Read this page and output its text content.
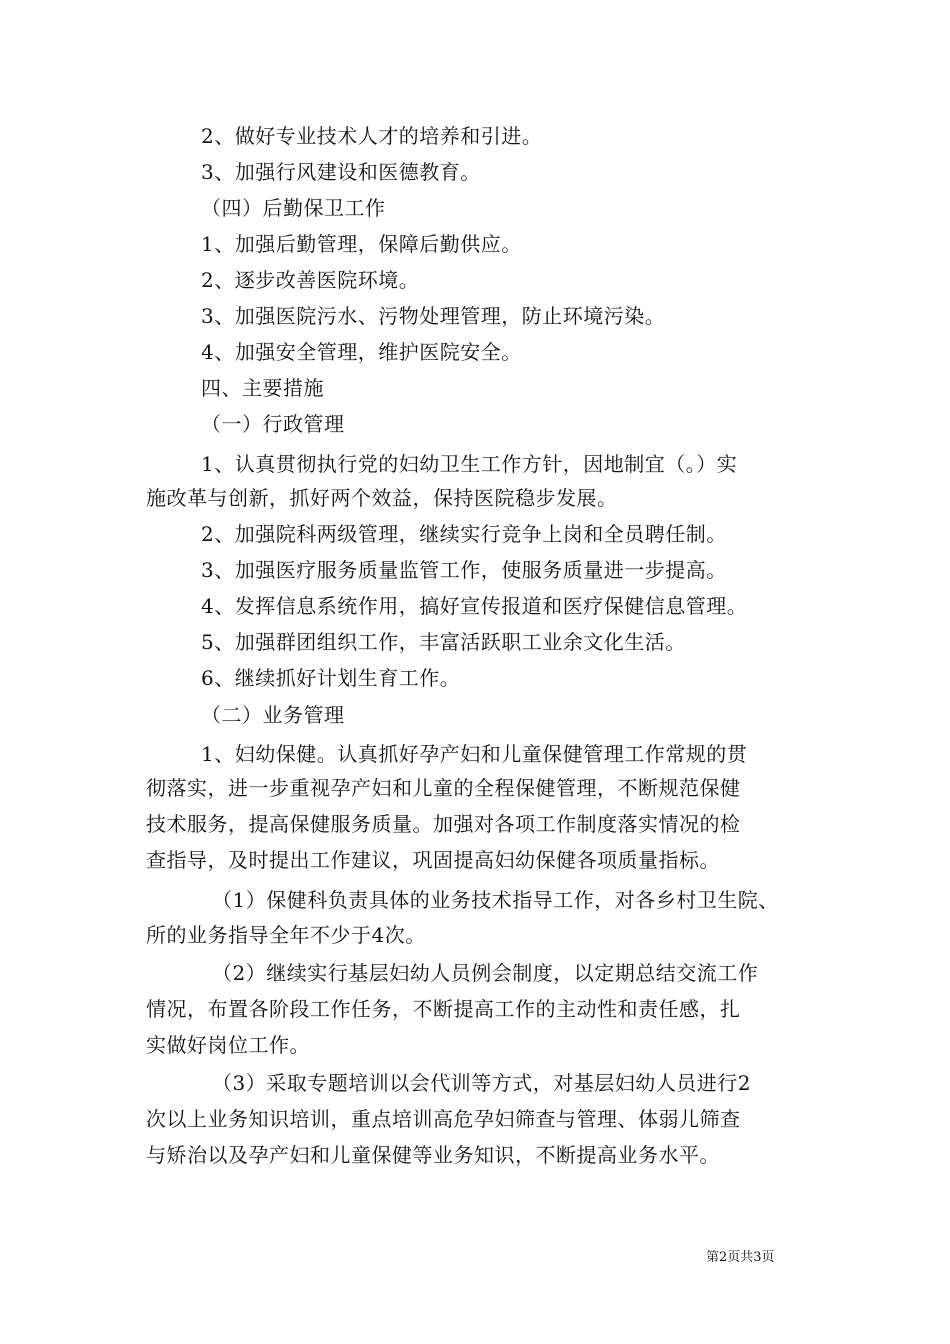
2、做好专业技术人才的培养和引进。
3、加强行风建设和医德教育。
（四）后勤保卫工作
1、加强后勤管理，保障后勤供应。
2、逐步改善医院环境。
3、加强医院污水、污物处理管理，防止环境污染。
4、加强安全管理，维护医院安全。
四、主要措施
（一）行政管理
1、认真贯彻执行党的妇幼卫生工作方针，因地制宜（。）实
施改革与创新，抓好两个效益，保持医院稳步发展。
2、加强院科两级管理，继续实行竞争上岗和全员聘任制。
3、加强医疗服务质量监管工作，使服务质量进一步提高。
4、发挥信息系统作用，搞好宣传报道和医疗保健信息管理。
5、加强群团组织工作，丰富活跃职工业余文化生活。
6、继续抓好计划生育工作。
（二）业务管理
1、妇幼保健。认真抓好孕产妇和儿童保健管理工作常规的贯
彻落实，进一步重视孕产妇和儿童的全程保健管理，不断规范保健
技术服务，提高保健服务质量。加强对各项工作制度落实情况的检
查指导，及时提出工作建议，巩固提高妇幼保健各项质量指标。
（1）保健科负责具体的业务技术指导工作，对各乡村卫生院、
所的业务指导全年不少于4次。
（2）继续实行基层妇幼人员例会制度，以定期总结交流工作
情况，布置各阶段工作任务，不断提高工作的主动性和责任感，扎
实做好岗位工作。
（3）采取专题培训以会代训等方式，对基层妇幼人员进行2
次以上业务知识培训，重点培训高危孕妇筛查与管理、体弱儿筛查
与矫治以及孕产妇和儿童保健等业务知识，不断提高业务水平。
第2页共3页
